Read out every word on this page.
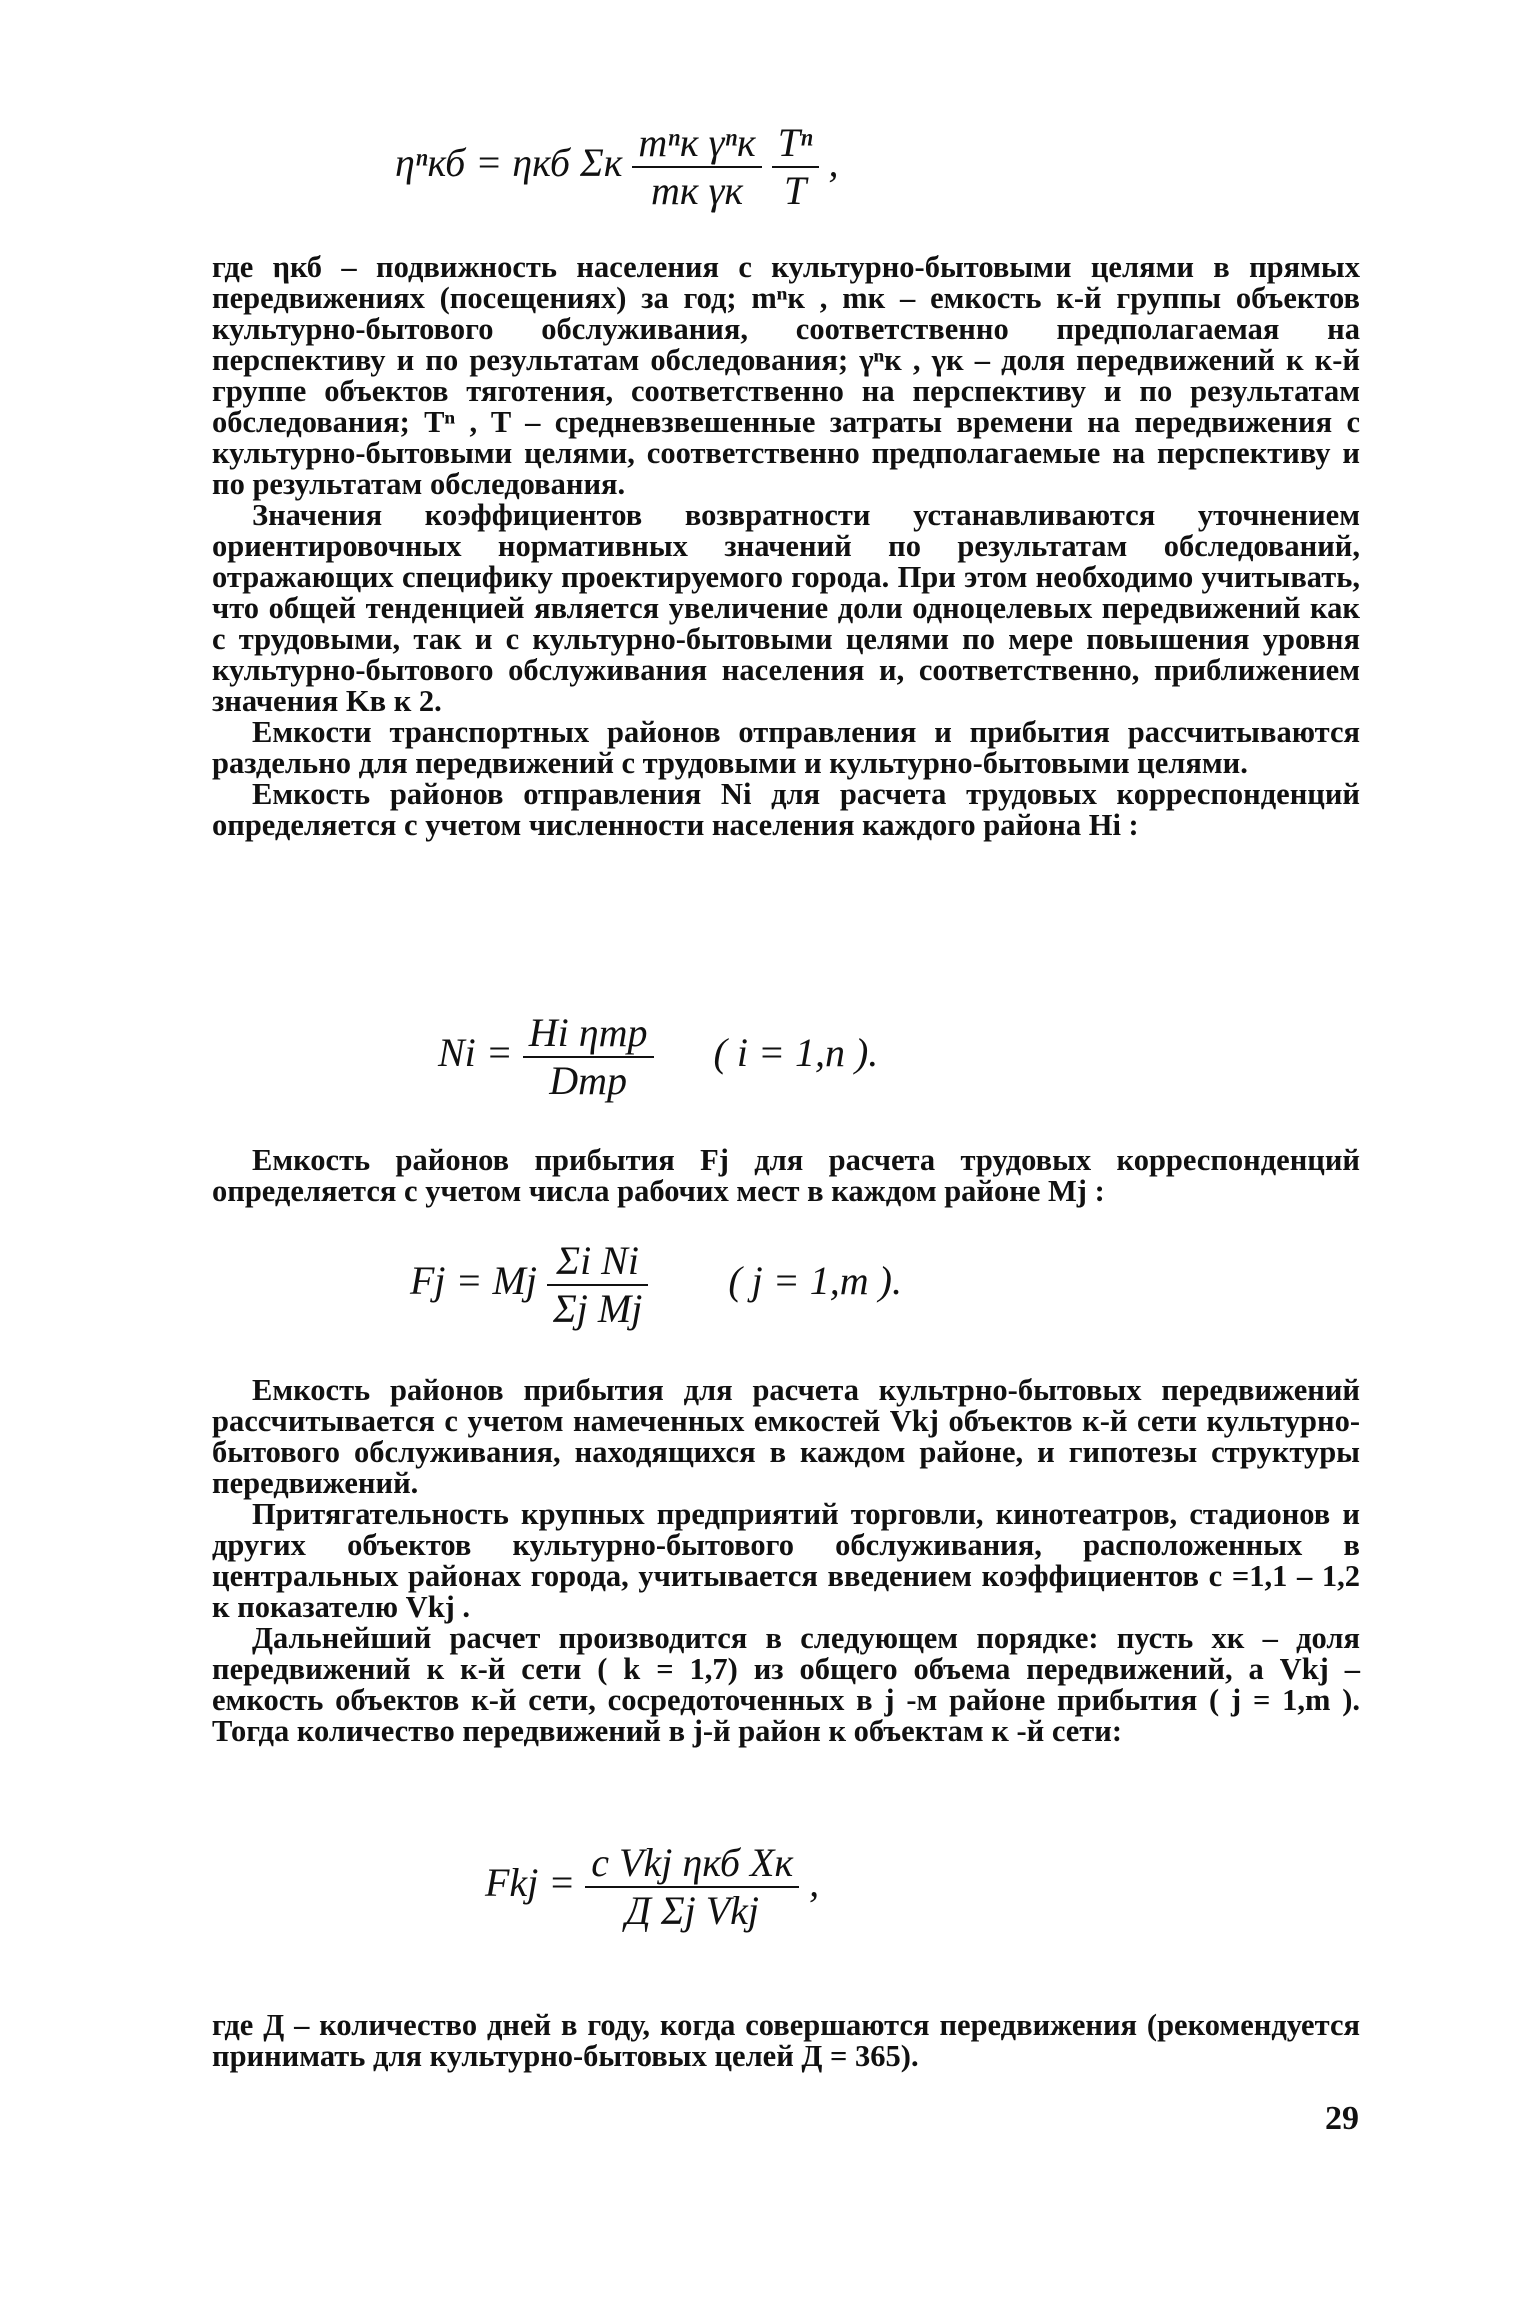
ηⁿкб = ηкб Σк $\frac{\text{mⁿк γⁿк}}{\text{mк γк}}$
$\frac{\text{Tⁿ}}{T}$ ,

где ηкб – подвижность населения с культурно-бытовыми целями в прямых передвижениях (посещениях) за год; mⁿк , mк – емкость к-й группы объектов культурно-бытового обслуживания, соответственно предполагаемая на перспективу и по результатам обследования; γⁿк , γк – доля передвижений к к-й группе объектов тяготения, соответственно на перспективу и по результатам обследования; Tⁿ , T – средневзвешенные затраты времени на передвижения с культурно-бытовыми целями, соответственно предполагаемые на перспективу и по результатам обследования.

Значения коэффициентов возвратности устанавливаются уточнением ориентировочных нормативных значений по результатам обследований, отражающих специфику проектируемого города. При этом необходимо учитывать, что общей тенденцией является увеличение доли одноцелевых передвижений как с трудовыми, так и с культурно-бытовыми целями по мере повышения уровня культурно-бытового обслуживания населения и, соответственно, приближением значения Kв к 2.

Емкости транспортных районов отправления и прибытия рассчитываются раздельно для передвижений с трудовыми и культурно-бытовыми целями.

Емкость районов отправления Ni для расчета трудовых корреспонденций определяется с учетом численности населения каждого района Hi :

$Ni = \frac{\text{Hi ηтр}}{\text{Dтр}}$ ( i = 1,n ).

Емкость районов прибытия Fj для расчета трудовых корреспонденций определяется с учетом числа рабочих мест в каждом районе Mj :

Fj = Mj $\frac{\text{Σi Ni}}{\text{Σj Mj}}$ ( j = 1,m ).

Емкость районов прибытия для расчета культрно-бытовых передвижений рассчитывается с учетом намеченных емкостей Vkj объектов к-й сети культурно-бытового обслуживания, находящихся в каждом районе, и гипотезы структуры передвижений.

Притягательность крупных предприятий торговли, кинотеатров, стадионов и других объектов культурно-бытового обслуживания, расположенных в центральных районах города, учитывается введением коэффициентов c =1,1 – 1,2 к показателю Vkj .

Дальнейший расчет производится в следующем порядке: пусть xк – доля передвижений к к-й сети ( k = 1,7) из общего объема передвижений, а Vkj – емкость объектов к-й сети, сосредоточенных в j -м районе прибытия ( j = 1,m ). Тогда количество передвижений в j-й район к объектам к -й сети:

Fkj = $\frac{\text{c Vkj ηкб Xк}}{\text{Д Σj Vkj}}$ ,

где Д – количество дней в году, когда совершаются передвижения (рекомендуется принимать для культурно-бытовых целей Д = 365).

29
